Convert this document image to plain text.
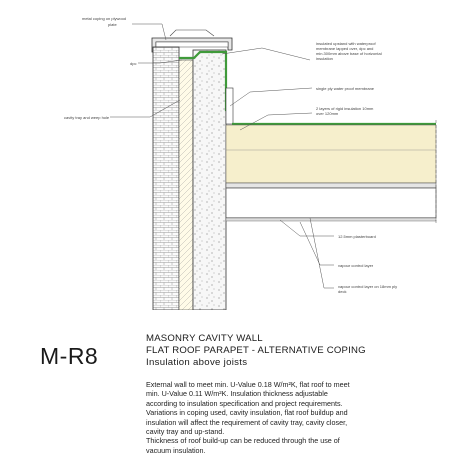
metal coping on plywood plate
dpc
cavity tray and weep hole
insulated upstand with waterproof membrane lapped over, dpc and min.300mm above base of horizontal insulation
single ply water proof membrane
2 layers of rigid insulation 10mm over 120mm
12.5mm plasterboard
vapour control layer
vapour control layer on 18mm ply deck
M-R8
MASONRY CAVITY WALL
FLAT ROOF PARAPET - ALTERNATIVE COPING
Insulation above joists
External wall to meet min. U-Value 0.18 W/m²K, flat roof to meet
min. U-Value 0.11 W/m²K. Insulation thickness adjustable
according to insulation specification and project requirements.
Variations in coping used, cavity insulation, flat roof buildup and
insulation will affect the requirement of cavity tray, cavity closer,
cavity tray and up-stand.
Thickness of roof build-up can be reduced through the use of
vacuum insulation.
